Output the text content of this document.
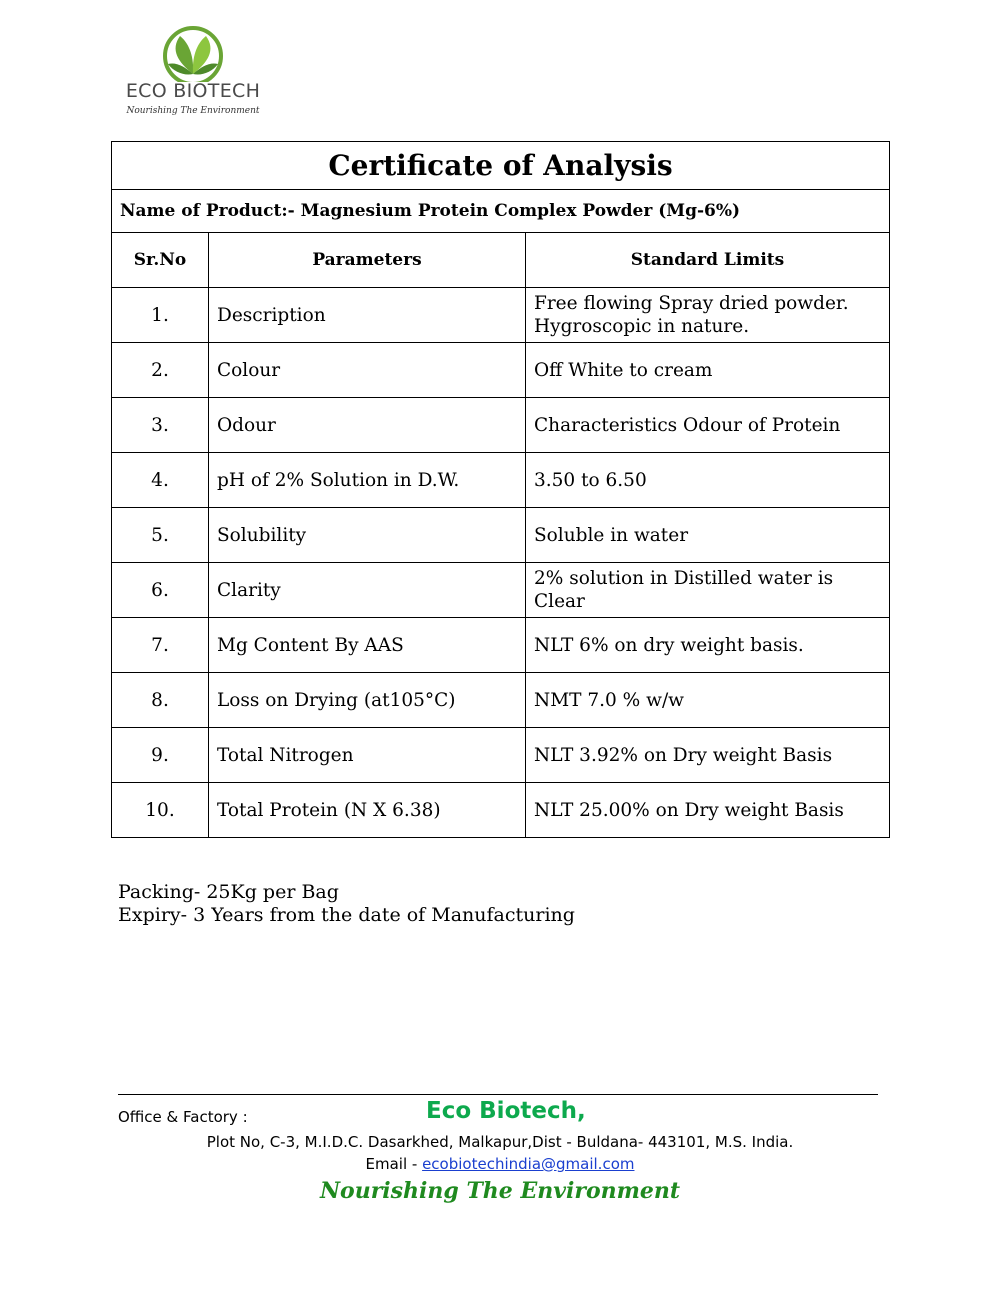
ECO BIOTECH
Nourishing The Environment
Certificate of Analysis		
Name of Product:- Magnesium Protein Complex Powder (Mg-6%)		
Sr.No	Parameters	Standard Limits
1.	Description	Free flowing Spray dried powder. Hygroscopic in nature.
2.	Colour	Off White to cream
3.	Odour	Characteristics Odour of Protein
4.	pH of 2% Solution in D.W.	3.50 to 6.50
5.	Solubility	Soluble in water
6.	Clarity	2% solution in Distilled water is Clear
7.	Mg Content By AAS	NLT 6% on dry weight basis.
8.	Loss on Drying (at105°C)	NMT 7.0 % w/w
9.	Total Nitrogen	NLT 3.92% on Dry weight Basis
10.	Total Protein (N X 6.38)	NLT 25.00% on Dry weight Basis
Packing- 25Kg per Bag
Expiry- 3 Years from the date of Manufacturing
Office & Factory :	Eco Biotech,
Plot No, C-3, M.I.D.C. Dasarkhed, Malkapur,Dist - Buldana- 443101, M.S. India.
Email - ecobiotechindia@gmail.com
Nourishing The Environment
